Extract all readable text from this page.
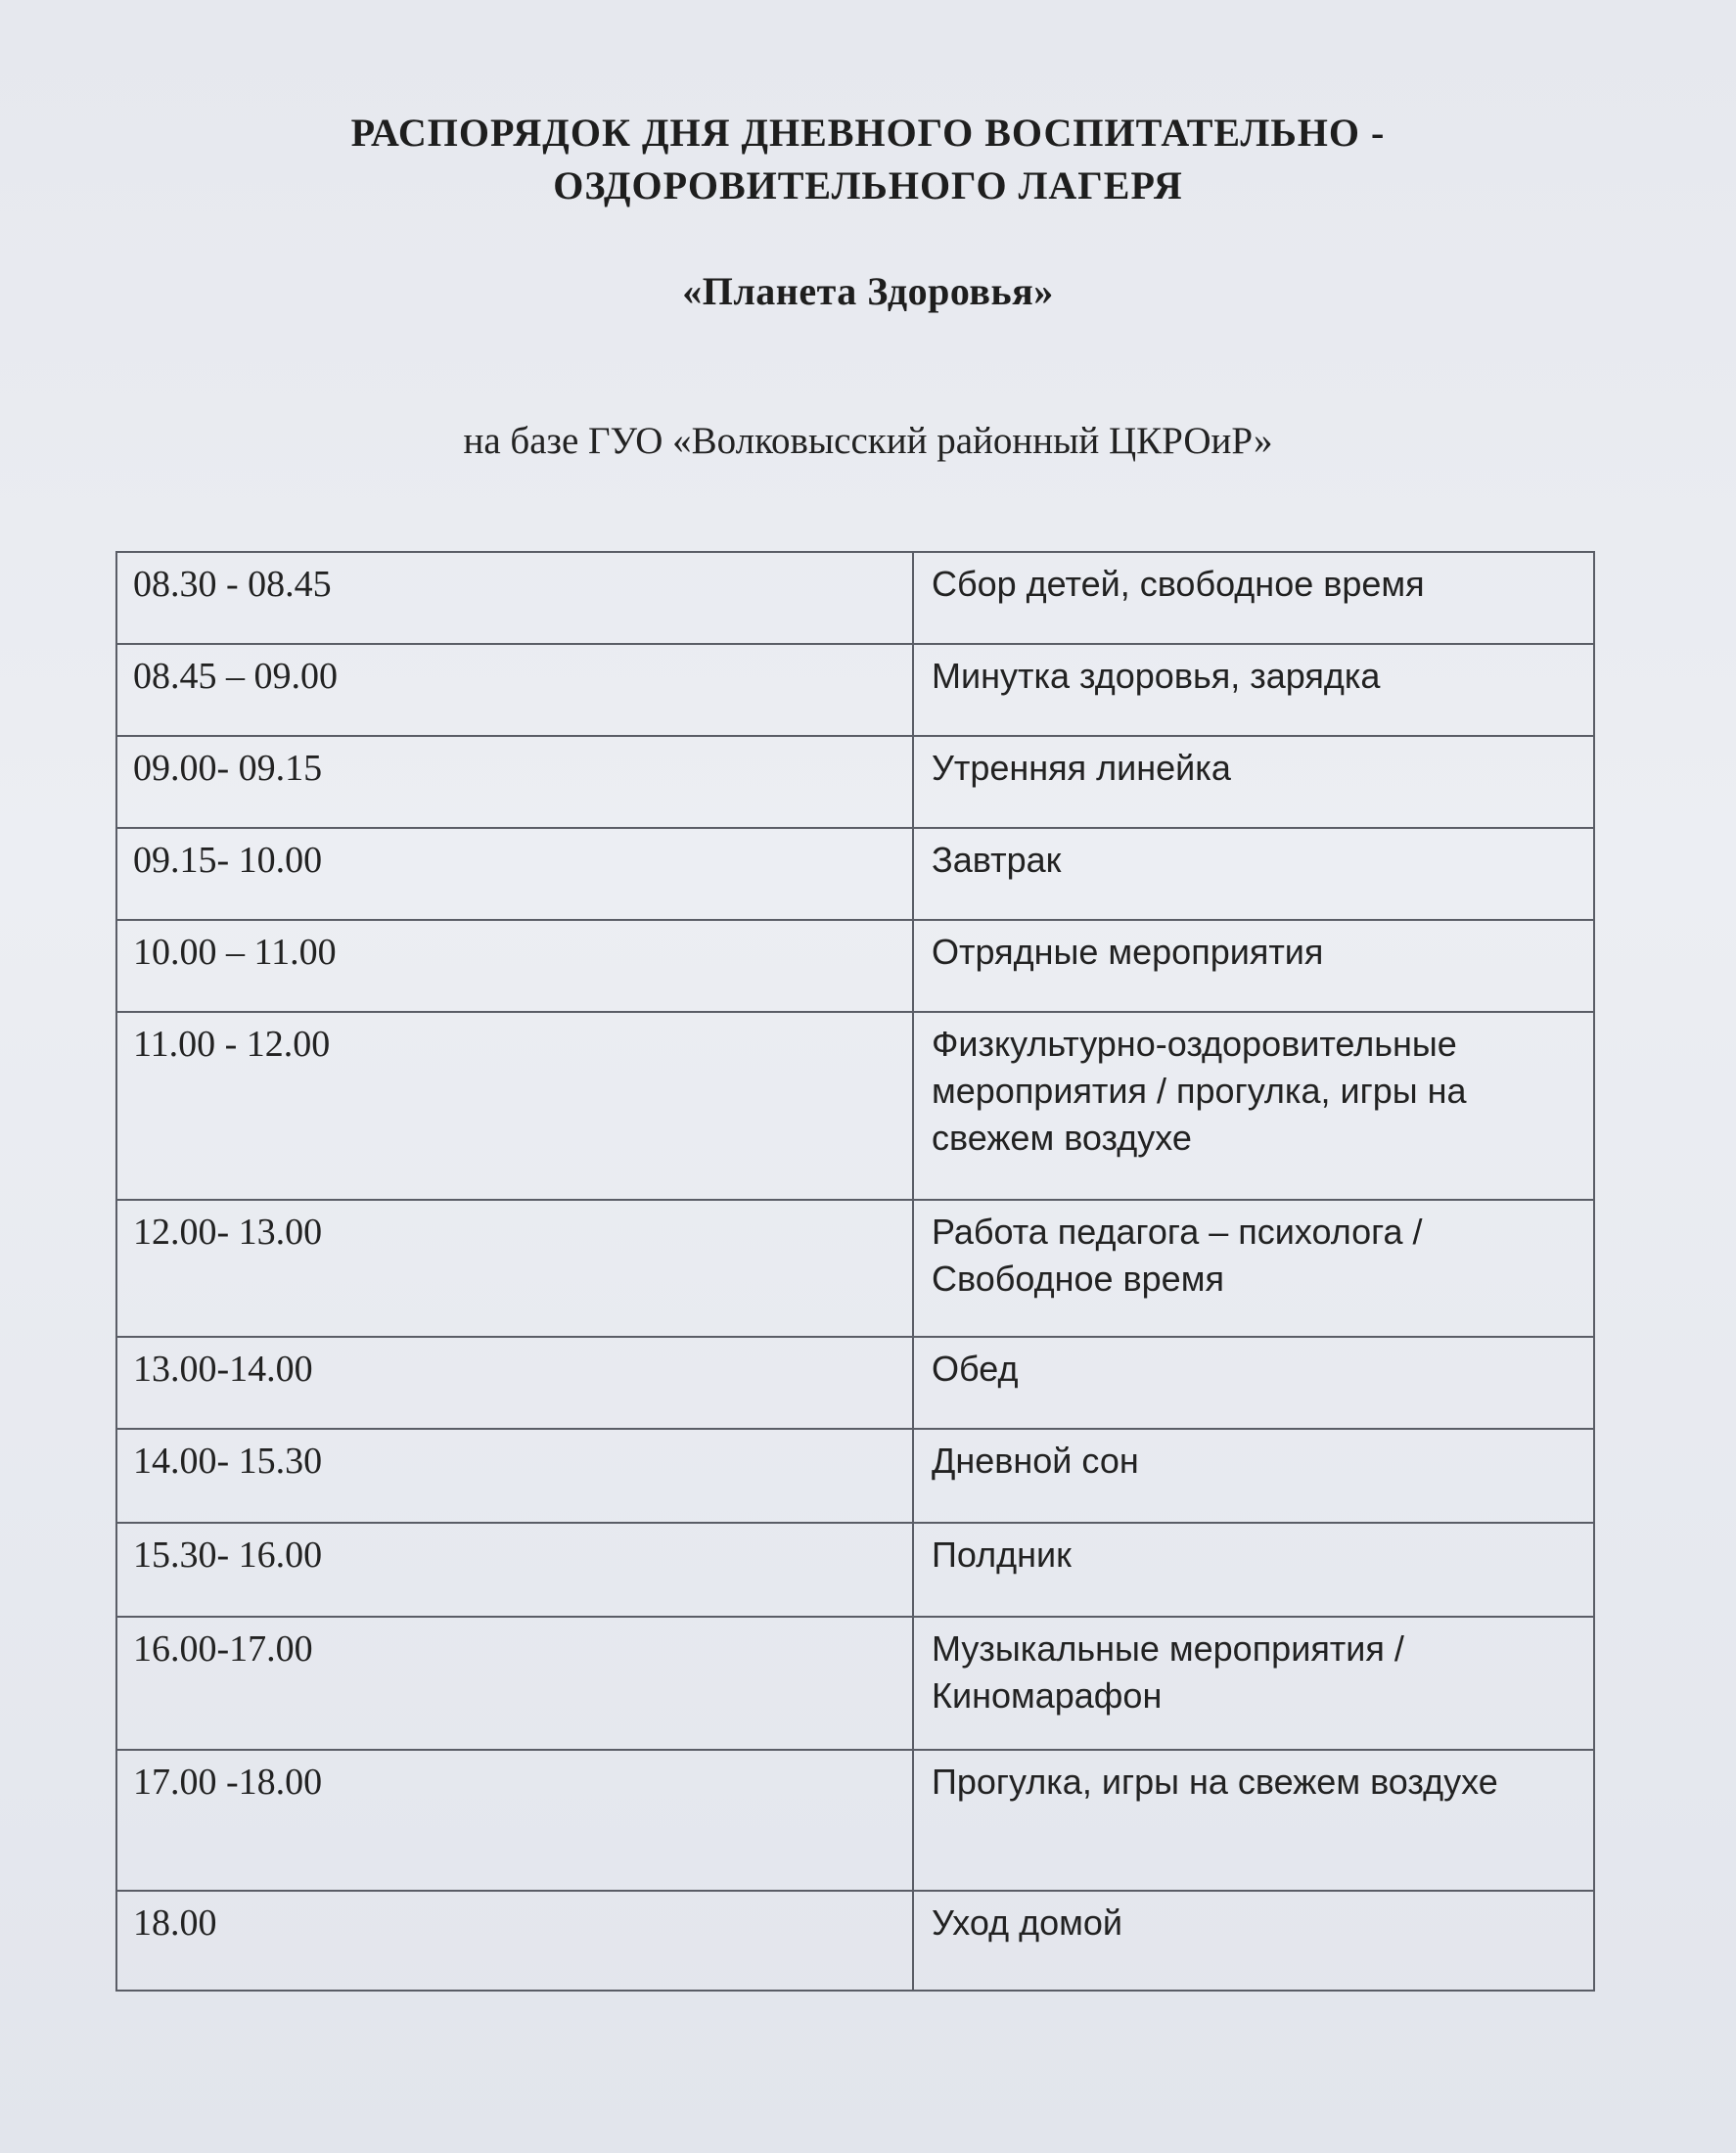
РАСПОРЯДОК ДНЯ ДНЕВНОГО ВОСПИТАТЕЛЬНО -
ОЗДОРОВИТЕЛЬНОГО ЛАГЕРЯ
«Планета Здоровья»
на базе ГУО «Волковысский районный ЦКРОиР»
08.30 - 08.45	Сбор детей, свободное время
08.45 – 09.00	Минутка здоровья, зарядка
09.00- 09.15	Утренняя линейка
09.15- 10.00	Завтрак
10.00 – 11.00	Отрядные мероприятия
11.00 - 12.00	Физкультурно-оздоровительные мероприятия / прогулка, игры на свежем воздухе
12.00- 13.00	Работа педагога – психолога / Свободное время
13.00-14.00	Обед
14.00- 15.30	Дневной сон
15.30- 16.00	Полдник
16.00-17.00	Музыкальные мероприятия / Киномарафон
17.00 -18.00	Прогулка, игры на свежем воздухе
18.00	Уход домой
